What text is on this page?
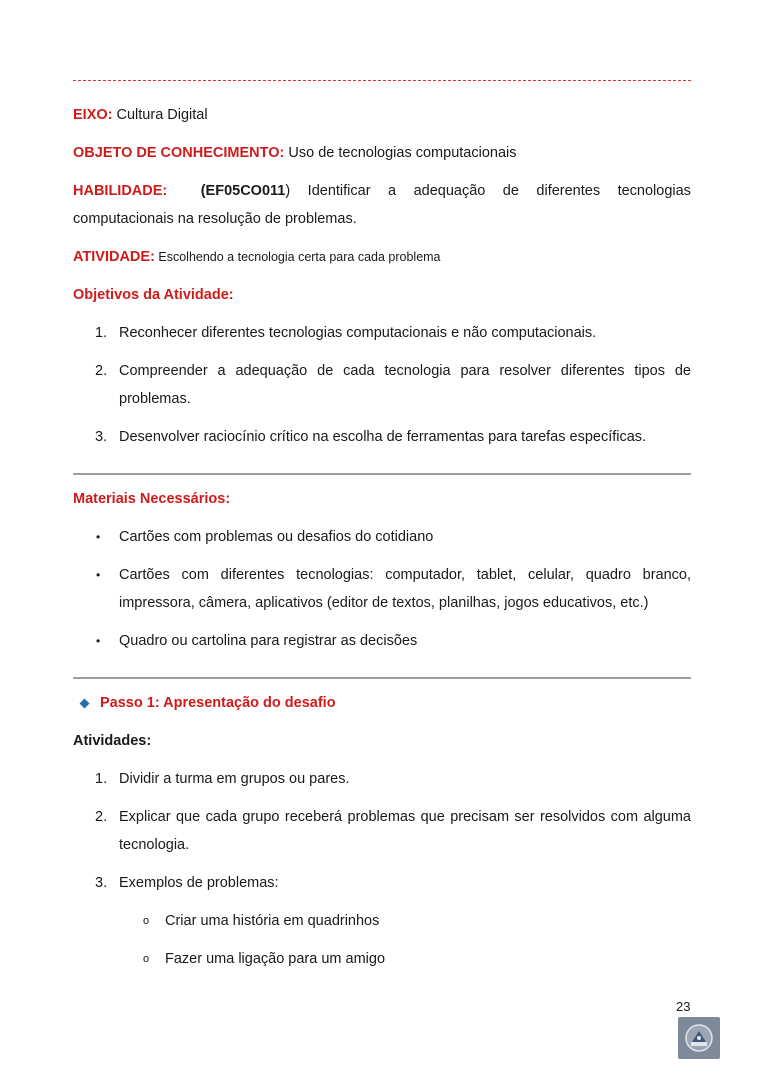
EIXO: Cultura Digital

OBJETO DE CONHECIMENTO: Uso de tecnologias computacionais

HABILIDADE: (EF05CO011) Identificar a adequação de diferentes tecnologias

computacionais na resolução de problemas.

ATIVIDADE: Escolhendo a tecnologia certa para cada problema

Objetivos da Atividade:

1. Reconhecer diferentes tecnologias computacionais e não computacionais.
2. Compreender a adequação de cada tecnologia para resolver diferentes tipos de problemas.
3. Desenvolver raciocínio crítico na escolha de ferramentas para tarefas específicas.

Materiais Necessários:

•	Cartões com problemas ou desafios do cotidiano
•	Cartões com diferentes tecnologias: computador, tablet, celular, quadro branco, impressora, câmera, aplicativos (editor de textos, planilhas, jogos educativos, etc.)
•	Quadro ou cartolina para registrar as decisões
Passo 1: Apresentação do desafio

Atividades:

1. Dividir a turma em grupos ou pares.
2. Explicar que cada grupo receberá problemas que precisam ser resolvidos com alguma tecnologia.
3. Exemplos de problemas:
o	Criar uma história em quadrinhos
o	Fazer uma ligação para um amigo
23
